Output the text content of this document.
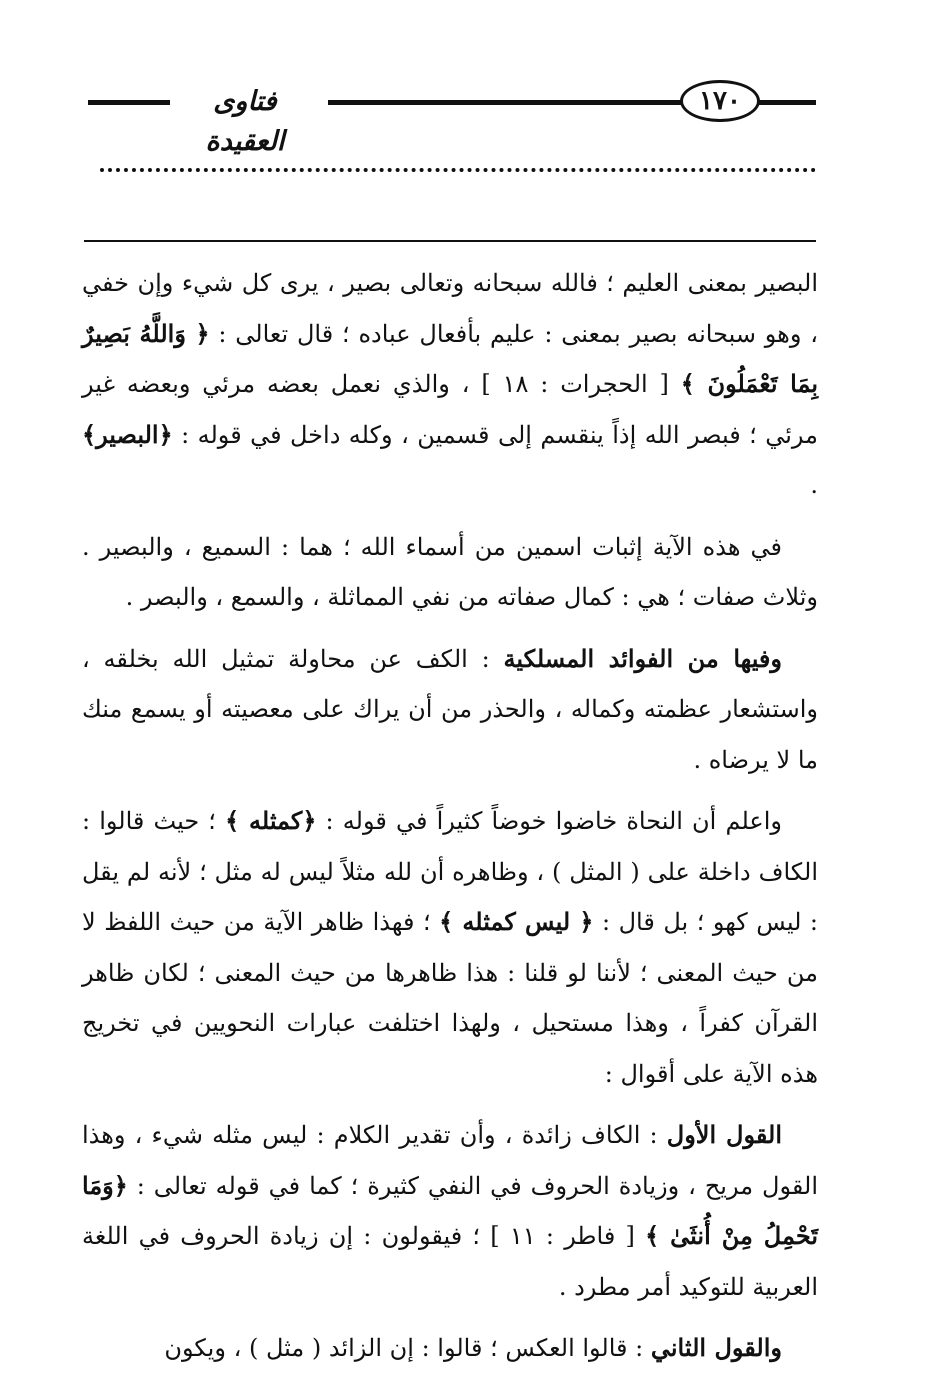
فتاوى العقيدة
١٧٠

البصير بمعنى العليم ؛ فالله سبحانه وتعالى بصير ، يرى كل شيء وإن خفي ، وهو سبحانه بصير بمعنى : عليم بأفعال عباده ؛ قال تعالى : ﴿ وَاللَّهُ بَصِيرٌ بِمَا تَعْمَلُونَ ﴾ [ الحجرات : ١٨ ] ، والذي نعمل بعضه مرئي وبعضه غير مرئي ؛ فبصر الله إذاً ينقسم إلى قسمين ، وكله داخل في قوله : ﴿البصير﴾ .

في هذه الآية إثبات اسمين من أسماء الله ؛ هما : السميع ، والبصير . وثلاث صفات ؛ هي : كمال صفاته من نفي المماثلة ، والسمع ، والبصر .

وفيها من الفوائد المسلكية : الكف عن محاولة تمثيل الله بخلقه ، واستشعار عظمته وكماله ، والحذر من أن يراك على معصيته أو يسمع منك ما لا يرضاه .

واعلم أن النحاة خاضوا خوضاً كثيراً في قوله : ﴿كمثله ﴾ ؛ حيث قالوا : الكاف داخلة على ( المثل ) ، وظاهره أن لله مثلاً ليس له مثل ؛ لأنه لم يقل : ليس كهو ؛ بل قال : ﴿ ليس كمثله ﴾ ؛ فهذا ظاهر الآية من حيث اللفظ لا من حيث المعنى ؛ لأننا لو قلنا : هذا ظاهرها من حيث المعنى ؛ لكان ظاهر القرآن كفراً ، وهذا مستحيل ، ولهذا اختلفت عبارات النحويين في تخريج هذه الآية على أقوال :

القول الأول : الكاف زائدة ، وأن تقدير الكلام : ليس مثله شيء ، وهذا القول مريح ، وزيادة الحروف في النفي كثيرة ؛ كما في قوله تعالى : ﴿وَمَا تَحْمِلُ مِنْ أُنثَىٰ ﴾ [ فاطر : ١١ ] ؛ فيقولون : إن زيادة الحروف في اللغة العربية للتوكيد أمر مطرد .

والقول الثاني : قالوا العكس ؛ قالوا : إن الزائد ( مثل ) ، ويكون
